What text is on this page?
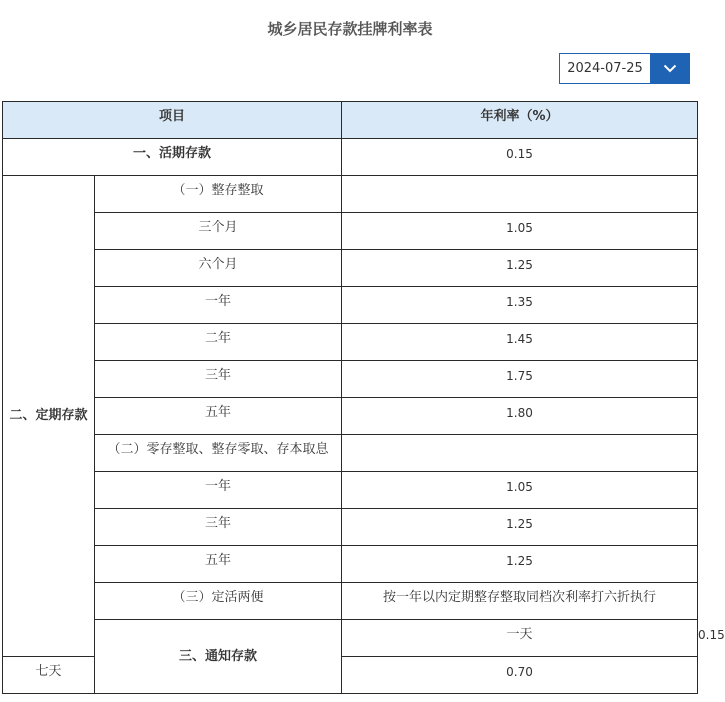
城乡居民存款挂牌利率表
2024-07-25
项目		年利率（%）	
一、活期存款		0.15	
二、定期存款	（一）整存整取		
	三个月	1.05	
	六个月	1.25	
	一年	1.35	
	二年	1.45	
	三年	1.75	
	五年	1.80	
	（二）零存整取、整存零取、存本取息		
	一年	1.05	
	三年	1.25	
	五年	1.25	
	（三）定活两便	按一年以内定期整存整取同档次利率打六折执行	
	三、通知存款	一天	0.15
七天		0.70	
